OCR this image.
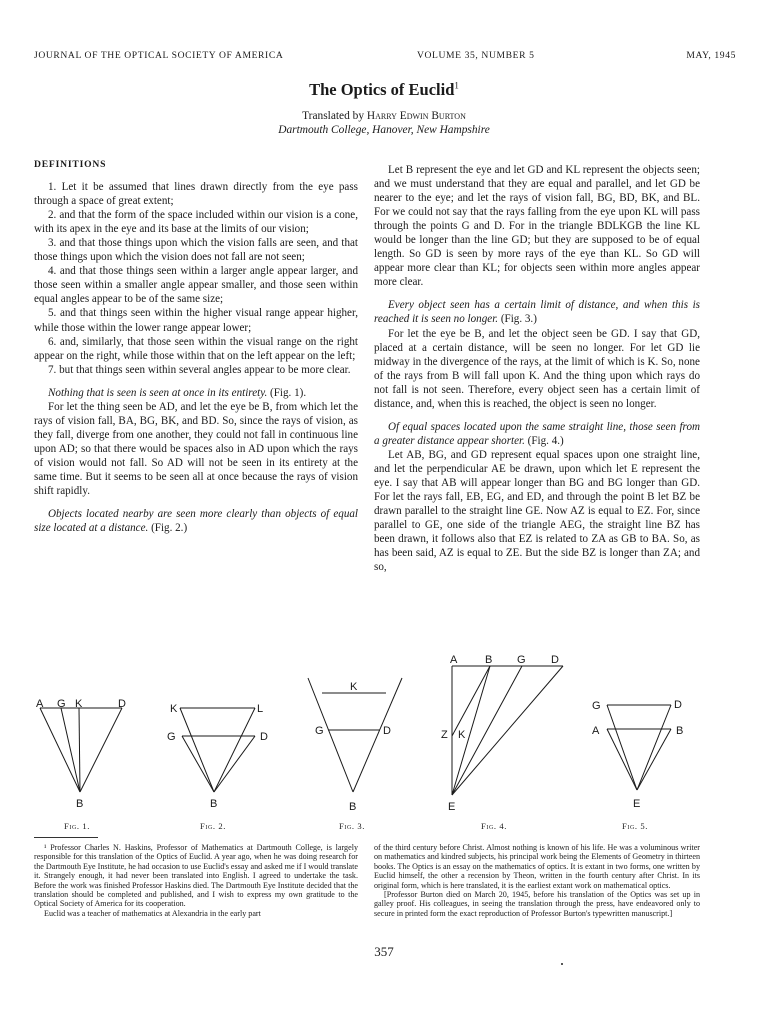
JOURNAL OF THE OPTICAL SOCIETY OF AMERICA	VOLUME 35, NUMBER 5	MAY, 1945
The Optics of Euclid$^1$
Translated by Harry Edwin Burton
Dartmouth College, Hanover, New Hampshire

DEFINITIONS

1. Let it be assumed that lines drawn directly from the eye pass through a space of great extent;

2. and that the form of the space included within our vision is a cone, with its apex in the eye and its base at the limits of our vision;

3. and that those things upon which the vision falls are seen, and that those things upon which the vision does not fall are not seen;

4. and that those things seen within a larger angle appear larger, and those seen within a smaller angle appear smaller, and those seen within equal angles appear to be of the same size;

5. and that things seen within the higher visual range appear higher, while those within the lower range appear lower;

6. and, similarly, that those seen within the visual range on the right appear on the right, while those within that on the left appear on the left;

7. but that things seen within several angles appear to be more clear.

Nothing that is seen is seen at once in its entirety. (Fig. 1).

For let the thing seen be AD, and let the eye be B, from which let the rays of vision fall, BA, BG, BK, and BD. So, since the rays of vision, as they fall, diverge from one another, they could not fall in continuous line upon AD; so that there would be spaces also in AD upon which the rays of vision would not fall. So AD will not be seen in its entirety at the same time. But it seems to be seen all at once because the rays of vision shift rapidly.

Objects located nearby are seen more clearly than objects of equal size located at a distance. (Fig. 2.)

Let B represent the eye and let GD and KL represent the objects seen; and we must understand that they are equal and parallel, and let GD be nearer to the eye; and let the rays of vision fall, BG, BD, BK, and BL. For we could not say that the rays falling from the eye upon KL will pass through the points G and D. For in the triangle BDLKGB the line KL would be longer than the line GD; but they are supposed to be of equal length. So GD is seen by more rays of the eye than KL. So GD will appear more clear than KL; for objects seen within more angles appear more clear.

Every object seen has a certain limit of distance, and when this is reached it is seen no longer. (Fig. 3.)

For let the eye be B, and let the object seen be GD. I say that GD, placed at a certain distance, will be seen no longer. For let GD lie midway in the divergence of the rays, at the limit of which is K. So, none of the rays from B will fall upon K. And the thing upon which rays do not fall is not seen. Therefore, every object seen has a certain limit of distance, and, when this is reached, the object is seen no longer.

Of equal spaces located upon the same straight line, those seen from a greater distance appear shorter. (Fig. 4.)

Let AB, BG, and GD represent equal spaces upon one straight line, and let the perpendicular AE be drawn, upon which let E represent the eye. I say that AB will appear longer than BG and BG longer than GD. For let the rays fall, EB, EG, and ED, and through the point B let BZ be drawn parallel to the straight line GE. Now AZ is equal to EZ. For, since parallel to GE, one side of the triangle AEG, the straight line BZ has been drawn, it follows also that EZ is related to ZA as GB to BA. So, as has been said, AZ is equal to ZE. But the side BZ is longer than ZA; and so,

A G K	D
B
K	L
G	D
B
K
G	D
B
A	B G D
Z K
E
G	D
A	B
E
Fig. 1.	Fig. 2.	Fig. 3.	Fig. 4.	Fig. 5.

¹ Professor Charles N. Haskins, Professor of Mathematics at Dartmouth College, is largely responsible for this translation of the Optics of Euclid. A year ago, when he was doing research for the Dartmouth Eye Institute, he had occasion to use Euclid's essay and asked me if I would translate it. Strangely enough, it had never been translated into English. I agreed to undertake the task. Before the work was finished Professor Haskins died. The Dartmouth Eye Institute decided that the translation should be completed and published, and I wish to express my own gratitude to the Optical Society of America for its cooperation.

Euclid was a teacher of mathematics at Alexandria in the early part

of the third century before Christ. Almost nothing is known of his life. He was a voluminous writer on mathematics and kindred subjects, his principal work being the Elements of Geometry in thirteen books. The Optics is an essay on the mathematics of optics. It is extant in two forms, one written by Euclid himself, the other a recension by Theon, written in the fourth century after Christ. In its original form, which is here translated, it is the earliest extant work on mathematical optics.

[Professor Burton died on March 20, 1945, before his translation of the Optics was set up in galley proof. His colleagues, in seeing the translation through the press, have endeavored only to secure in printed form the exact reproduction of Professor Burton's typewritten manuscript.]

357
